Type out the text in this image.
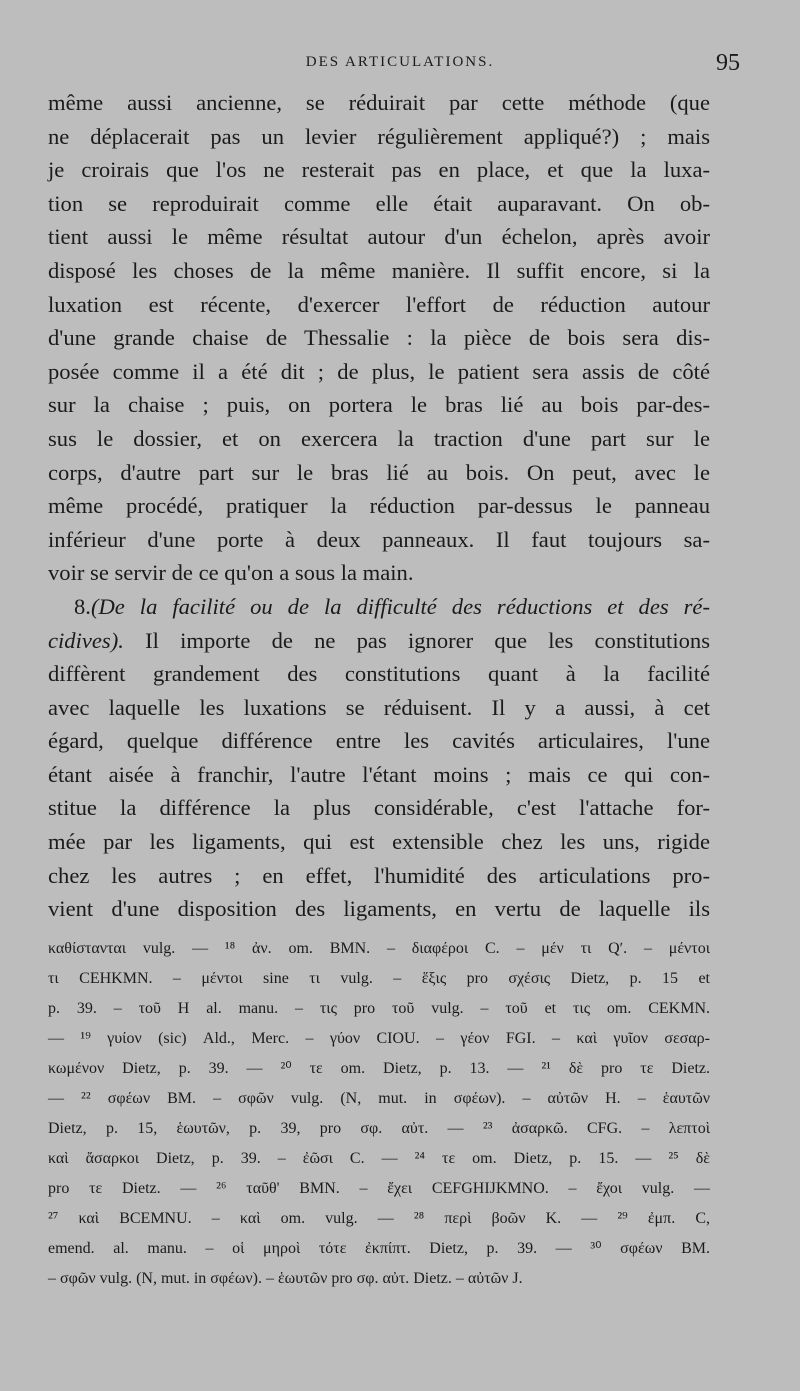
DES ARTICULATIONS.	95
même aussi ancienne, se réduirait par cette méthode (que
ne déplacerait pas un levier régulièrement appliqué?) ; mais
je croirais que l'os ne resterait pas en place, et que la luxa-
tion se reproduirait comme elle était auparavant. On ob-
tient aussi le même résultat autour d'un échelon, après avoir
disposé les choses de la même manière. Il suffit encore, si la
luxation est récente, d'exercer l'effort de réduction autour
d'une grande chaise de Thessalie : la pièce de bois sera dis-
posée comme il a été dit ; de plus, le patient sera assis de côté
sur la chaise ; puis, on portera le bras lié au bois par-des-
sus le dossier, et on exercera la traction d'une part sur le
corps, d'autre part sur le bras lié au bois. On peut, avec le
même procédé, pratiquer la réduction par-dessus le panneau
inférieur d'une porte à deux panneaux. Il faut toujours sa-
voir se servir de ce qu'on a sous la main.
8.(De la facilité ou de la difficulté des réductions et des ré-
cidives). Il importe de ne pas ignorer que les constitutions
diffèrent grandement des constitutions quant à la facilité
avec laquelle les luxations se réduisent. Il y a aussi, à cet
égard, quelque différence entre les cavités articulaires, l'une
étant aisée à franchir, l'autre l'étant moins ; mais ce qui con-
stitue la différence la plus considérable, c'est l'attache for-
mée par les ligaments, qui est extensible chez les uns, rigide
chez les autres ; en effet, l'humidité des articulations pro-
vient d'une disposition des ligaments, en vertu de laquelle ils
καθίστανται vulg. — ¹⁸ ἀν. om. BMN. – διαφέροι C. – μέν τι Qʹ. – μέντοι
τι CEHKMN. – μέντοι sine τι vulg. – ἕξις pro σχέσις Dietz, p. 15 et
p. 39. – τοῦ H al. manu. – τις pro τοῦ vulg. – τοῦ et τις om. CEKMN.
— ¹⁹ γυίον (sic) Ald., Merc. – γύον CIOU. – γέον FGI. – καὶ γυῖον σεσαρ-
κωμένον Dietz, p. 39. — ²⁰ τε om. Dietz, p. 13. — ²¹ δὲ pro τε Dietz.
— ²² σφέων BM. – σφῶν vulg. (N, mut. in σφέων). – αὐτῶν H. – ἑαυτῶν
Dietz, p. 15, ἑωυτῶν, p. 39, pro σφ. αὐτ. — ²³ ἀσαρκῶ. CFG. – λεπτοὶ
καὶ ἄσαρκοι Dietz, p. 39. – ἐῶσι C. — ²⁴ τε om. Dietz, p. 15. — ²⁵ δὲ
pro τε Dietz. — ²⁶ ταῦθ' BMN. – ἔχει CEFGHIJKMNO. – ἔχοι vulg. —
²⁷ καὶ BCEMNU. – καὶ om. vulg. — ²⁸ περὶ βοῶν K. — ²⁹ ἐμπ. C,
emend. al. manu. – οἱ μηροὶ τότε ἐκπίπτ. Dietz, p. 39. — ³⁰ σφέων BM.
– σφῶν vulg. (N, mut. in σφέων). – ἑωυτῶν pro σφ. αὐτ. Dietz. – αὐτῶν J.
